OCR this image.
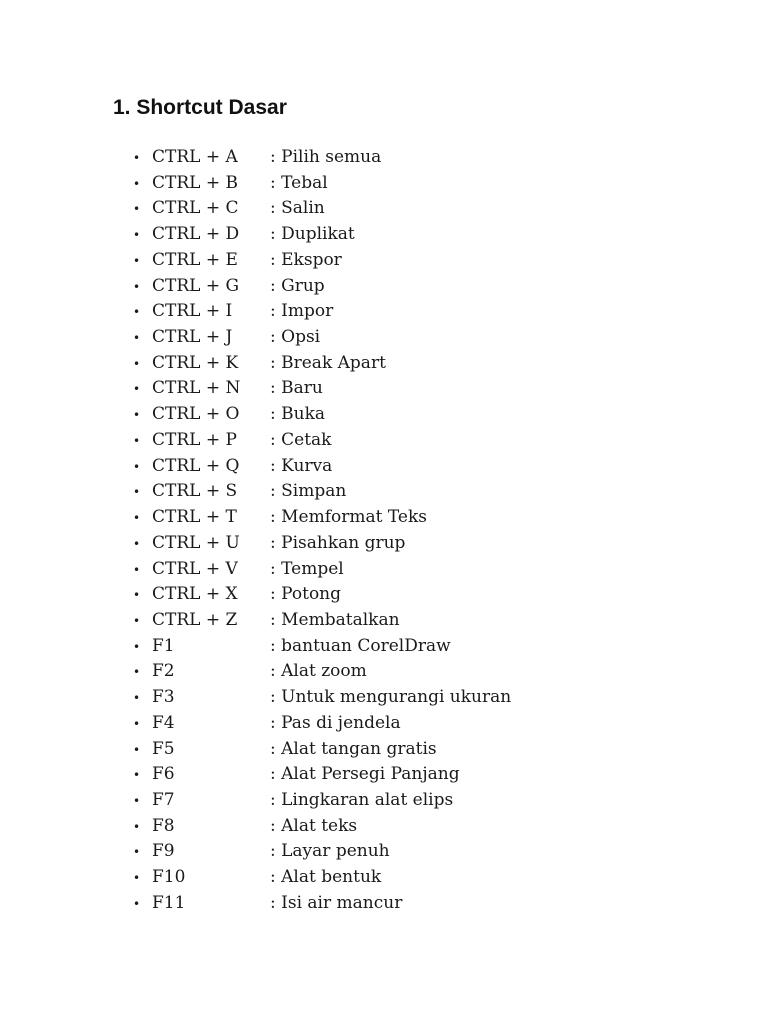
1. Shortcut Dasar
• CTRL + A : Pilih semua
• CTRL + B : Tebal
• CTRL + C : Salin
• CTRL + D : Duplikat
• CTRL + E : Ekspor
• CTRL + G : Grup
• CTRL + I : Impor
• CTRL + J : Opsi
• CTRL + K : Break Apart
• CTRL + N : Baru
• CTRL + O : Buka
• CTRL + P : Cetak
• CTRL + Q : Kurva
• CTRL + S : Simpan
• CTRL + T : Memformat Teks
• CTRL + U : Pisahkan grup
• CTRL + V : Tempel
• CTRL + X : Potong
• CTRL + Z : Membatalkan
• F1	: bantuan CorelDraw
• F2	: Alat zoom
• F3	: Untuk mengurangi ukuran
• F4	: Pas di jendela
• F5	: Alat tangan gratis
• F6	: Alat Persegi Panjang
• F7	: Lingkaran alat elips
• F8	: Alat teks
• F9	: Layar penuh
• F10	: Alat bentuk
• F11	: Isi air mancur
